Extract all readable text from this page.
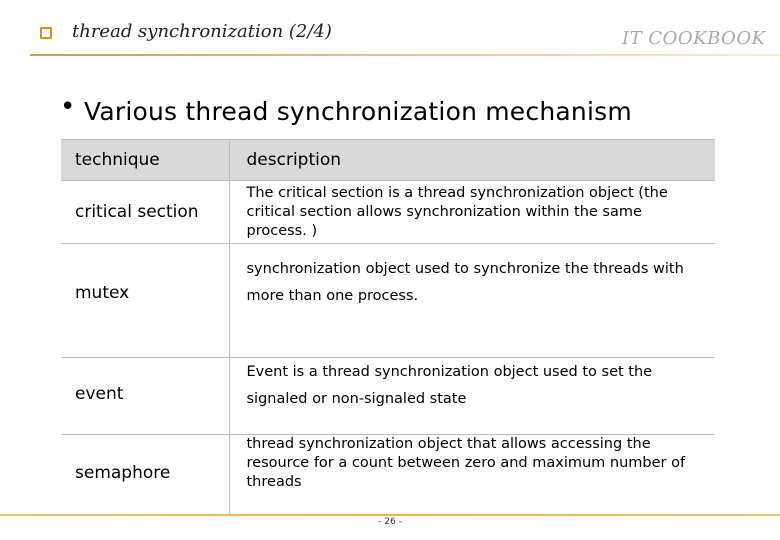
thread synchronization (2/4)	IT COOKBOOK
• Various thread synchronization mechanism
technique	description
critical section	The critical section is a thread synchronization object (the critical section allows synchronization within the same process. )
mutex	synchronization object used to synchronize the threads with more than one process.
event	Event is a thread synchronization object used to set the signaled or non-signaled state
semaphore	thread synchronization object that allows accessing the resource for a count between zero and maximum number of threads
- 26 -
